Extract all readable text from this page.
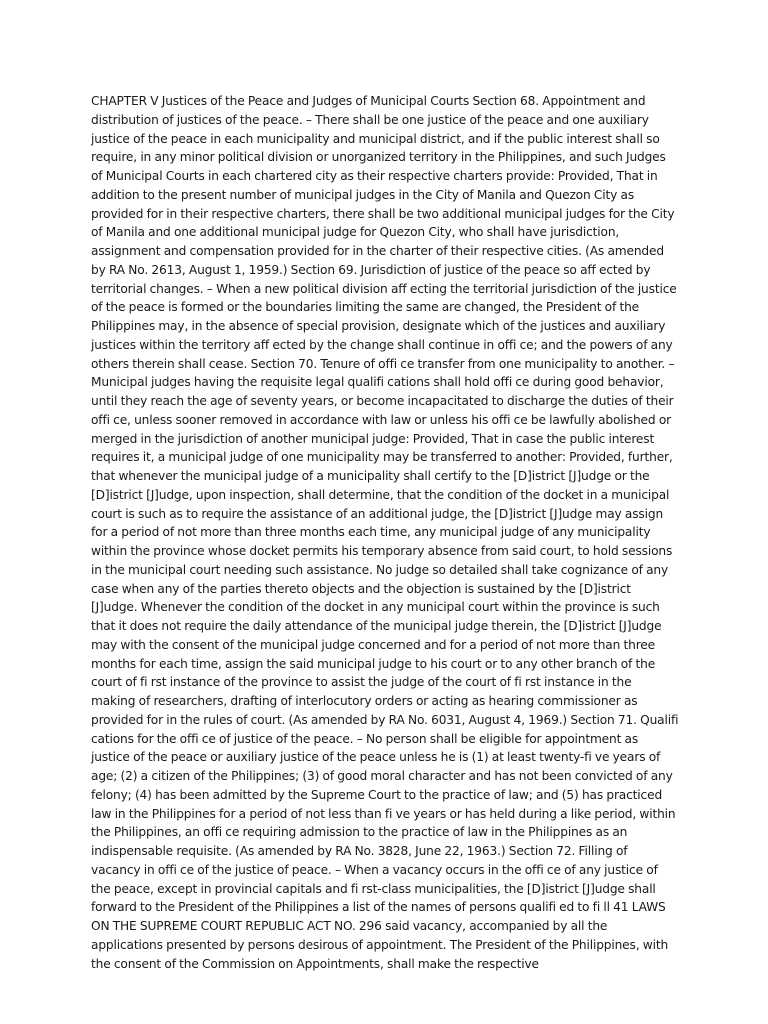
CHAPTER V Justices of the Peace and Judges of Municipal Courts Section 68. Appointment and distribution of justices of the peace. – There shall be one justice of the peace and one auxiliary justice of the peace in each municipality and municipal district, and if the public interest shall so require, in any minor political division or unorganized territory in the Philippines, and such Judges of Municipal Courts in each chartered city as their respective charters provide: Provided, That in addition to the present number of municipal judges in the City of Manila and Quezon City as provided for in their respective charters, there shall be two additional municipal judges for the City of Manila and one additional municipal judge for Quezon City, who shall have jurisdiction, assignment and compensation provided for in the charter of their respective cities. (As amended by RA No. 2613, August 1, 1959.) Section 69. Jurisdiction of justice of the peace so aff ected by territorial changes. – When a new political division aff ecting the territorial jurisdiction of the justice of the peace is formed or the boundaries limiting the same are changed, the President of the Philippines may, in the absence of special provision, designate which of the justices and auxiliary justices within the territory aff ected by the change shall continue in offi ce; and the powers of any others therein shall cease. Section 70. Tenure of offi ce transfer from one municipality to another. – Municipal judges having the requisite legal qualifi cations shall hold offi ce during good behavior, until they reach the age of seventy years, or become incapacitated to discharge the duties of their offi ce, unless sooner removed in accordance with law or unless his offi ce be lawfully abolished or merged in the jurisdiction of another municipal judge: Provided, That in case the public interest requires it, a municipal judge of one municipality may be transferred to another: Provided, further, that whenever the municipal judge of a municipality shall certify to the [D]istrict [J]udge or the [D]istrict [J]udge, upon inspection, shall determine, that the condition of the docket in a municipal court is such as to require the assistance of an additional judge, the [D]istrict [J]udge may assign for a period of not more than three months each time, any municipal judge of any municipality within the province whose docket permits his temporary absence from said court, to hold sessions in the municipal court needing such assistance. No judge so detailed shall take cognizance of any case when any of the parties thereto objects and the objection is sustained by the [D]istrict [J]udge. Whenever the condition of the docket in any municipal court within the province is such that it does not require the daily attendance of the municipal judge therein, the [D]istrict [J]udge may with the consent of the municipal judge concerned and for a period of not more than three months for each time, assign the said municipal judge to his court or to any other branch of the court of fi rst instance of the province to assist the judge of the court of fi rst instance in the making of researchers, drafting of interlocutory orders or acting as hearing commissioner as provided for in the rules of court. (As amended by RA No. 6031, August 4, 1969.) Section 71. Qualifi cations for the offi ce of justice of the peace. – No person shall be eligible for appointment as justice of the peace or auxiliary justice of the peace unless he is (1) at least twenty-fi ve years of age; (2) a citizen of the Philippines; (3) of good moral character and has not been convicted of any felony; (4) has been admitted by the Supreme Court to the practice of law; and (5) has practiced law in the Philippines for a period of not less than fi ve years or has held during a like period, within the Philippines, an offi ce requiring admission to the practice of law in the Philippines as an indispensable requisite. (As amended by RA No. 3828, June 22, 1963.) Section 72. Filling of vacancy in offi ce of the justice of peace. – When a vacancy occurs in the offi ce of any justice of the peace, except in provincial capitals and fi rst-class municipalities, the [D]istrict [J]udge shall forward to the President of the Philippines a list of the names of persons qualifi ed to fi ll 41 LAWS ON THE SUPREME COURT REPUBLIC ACT NO. 296 said vacancy, accompanied by all the applications presented by persons desirous of appointment. The President of the Philippines, with the consent of the Commission on Appointments, shall make the respective
